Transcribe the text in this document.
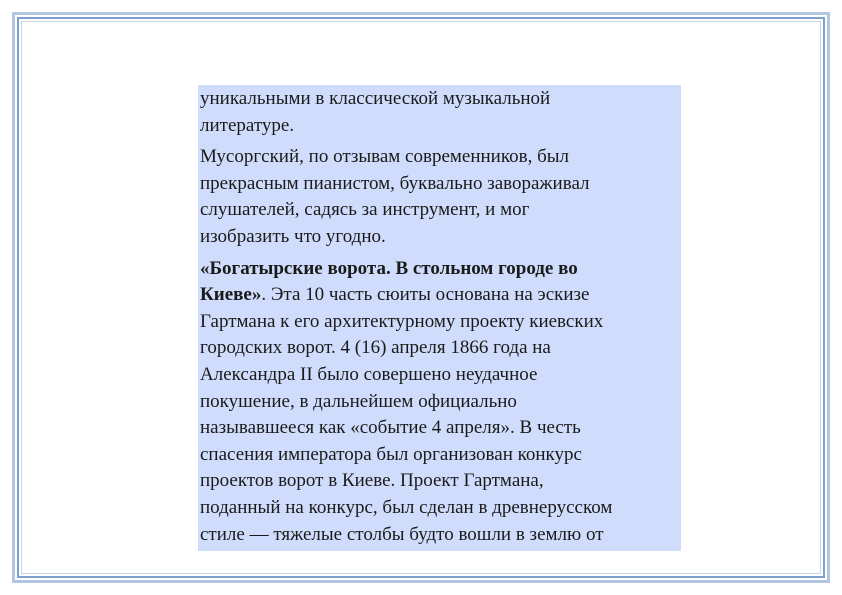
уникальными в классической музыкальной
литературе.

Мусоргский, по отзывам современников, был
прекрасным пианистом, буквально завораживал
слушателей, садясь за инструмент, и мог
изобразить что угодно.

«Богатырские ворота. В стольном городе во
Киеве». Эта 10 часть сюиты основана на эскизе
Гартмана к его архитектурному проекту киевских
городских ворот. 4 (16) апреля 1866 года на
Александра II было совершено неудачное
покушение, в дальнейшем официально
называвшееся как «событие 4 апреля». В честь
спасения императора был организован конкурс
проектов ворот в Киеве. Проект Гартмана,
поданный на конкурс, был сделан в древнерусском
стиле — тяжелые столбы будто вошли в землю от
